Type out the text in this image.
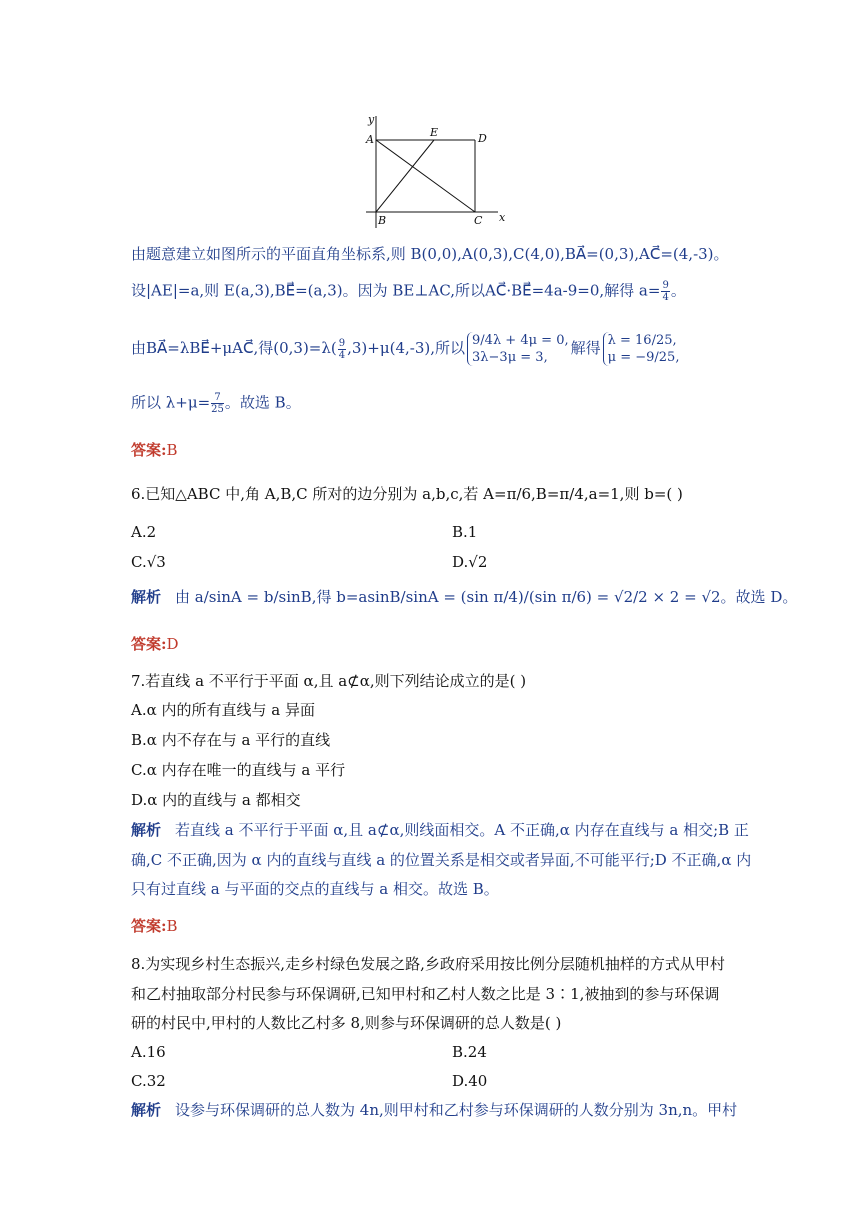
y
A
E	D
B	C x
由题意建立如图所示的平面直角坐标系,则 B(0,0),A(0,3),C(4,0),BA⃗=(0,3),AC⃗=(4,-3)。
设|AE|=a,则 E(a,3),BE⃗=(a,3)。因为 BE⊥AC,所以AC⃗·BE⃗=4a-9=0,解得 $a= \frac{9}{4}$ 。
由BA⃗=λBE⃗+μAC⃗,得$(0,3)=\lambda( \frac{9}{4} ,3)+\mu(4,-3)$,所以 9/4λ + 4μ = 0,
3λ−3μ = 3,
解得 λ = 16/25,
μ = −9/25,
所以 $\lambda+\mu= \frac{7}{25}$ 。故选 B。
答案:B
6.已知△ABC 中,角 A,B,C 所对的边分别为 a,b,c,若 A=π/6,B=π/4,a=1,则 b=( )
A.2	B.1
C.√3	D.√2
解析 由 a/sinA = b/sinB,得 b=asinB/sinA = (sin π/4)/(sin π/6) = √2/2 × 2 = √2。故选 D。
答案:D
7.若直线 a 不平行于平面 α,且 a⊄α,则下列结论成立的是( )
A.α 内的所有直线与 a 异面
B.α 内不存在与 a 平行的直线
C.α 内存在唯一的直线与 a 平行
D.α 内的直线与 a 都相交
解析 若直线 a 不平行于平面 α,且 a⊄α,则线面相交。A 不正确,α 内存在直线与 a 相交;B 正
确,C 不正确,因为 α 内的直线与直线 a 的位置关系是相交或者异面,不可能平行;D 不正确,α 内
只有过直线 a 与平面的交点的直线与 a 相交。故选 B。
答案:B
8.为实现乡村生态振兴,走乡村绿色发展之路,乡政府采用按比例分层随机抽样的方式从甲村
和乙村抽取部分村民参与环保调研,已知甲村和乙村人数之比是 3∶1,被抽到的参与环保调
研的村民中,甲村的人数比乙村多 8,则参与环保调研的总人数是( )
A.16	B.24
C.32	D.40
解析 设参与环保调研的总人数为 4n,则甲村和乙村参与环保调研的人数分别为 3n,n。甲村
